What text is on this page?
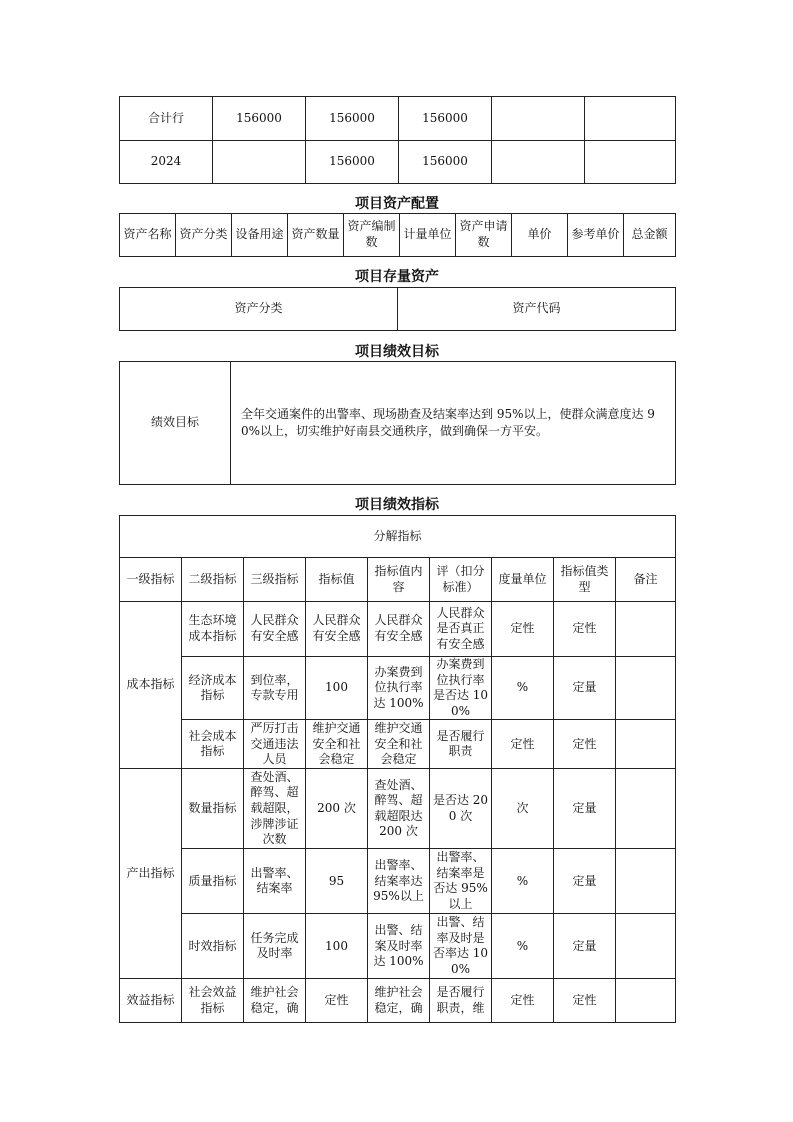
合计行	156000	156000	156000		
2024		156000	156000		
项目资产配置
资产名称	资产分类	设备用途	资产数量	资产编制数	计量单位	资产申请数	单价	参考单价	总金额
项目存量资产
资产分类	资产代码
项目绩效目标
绩效目标	全年交通案件的出警率、现场勘查及结案率达到 95%以上，使群众满意度达 90%以上，切实维护好南县交通秩序，做到确保一方平安。
项目绩效指标
分解指标								
一级指标	二级指标	三级指标	指标值	指标值内容	评（扣分标准）	度量单位	指标值类型	备注
成本指标	生态环境成本指标	人民群众有安全感	人民群众有安全感	人民群众有安全感	人民群众是否真正有安全感	定性	定性	
	经济成本指标	到位率，专款专用	100	办案费到位执行率达 100%	办案费到位执行率是否达 100%	%	定量	
	社会成本指标	严厉打击交通违法人员	维护交通安全和社会稳定	维护交通安全和社会稳定	是否履行职责	定性	定性	
产出指标	数量指标	查处酒、醉驾、超载超限，涉牌涉证次数	200 次	查处酒、醉驾、超载超限达 200 次	是否达 200 次	次	定量	
	质量指标	出警率、结案率	95	出警率、结案率达 95%以上	出警率、结案率是否达 95%以上	%	定量	
	时效指标	任务完成及时率	100	出警、结案及时率达 100%	出警、结率及时是否率达 100%	%	定量	
效益指标	社会效益指标	维护社会稳定，确	定性	维护社会稳定，确	是否履行职责，维	定性	定性	
